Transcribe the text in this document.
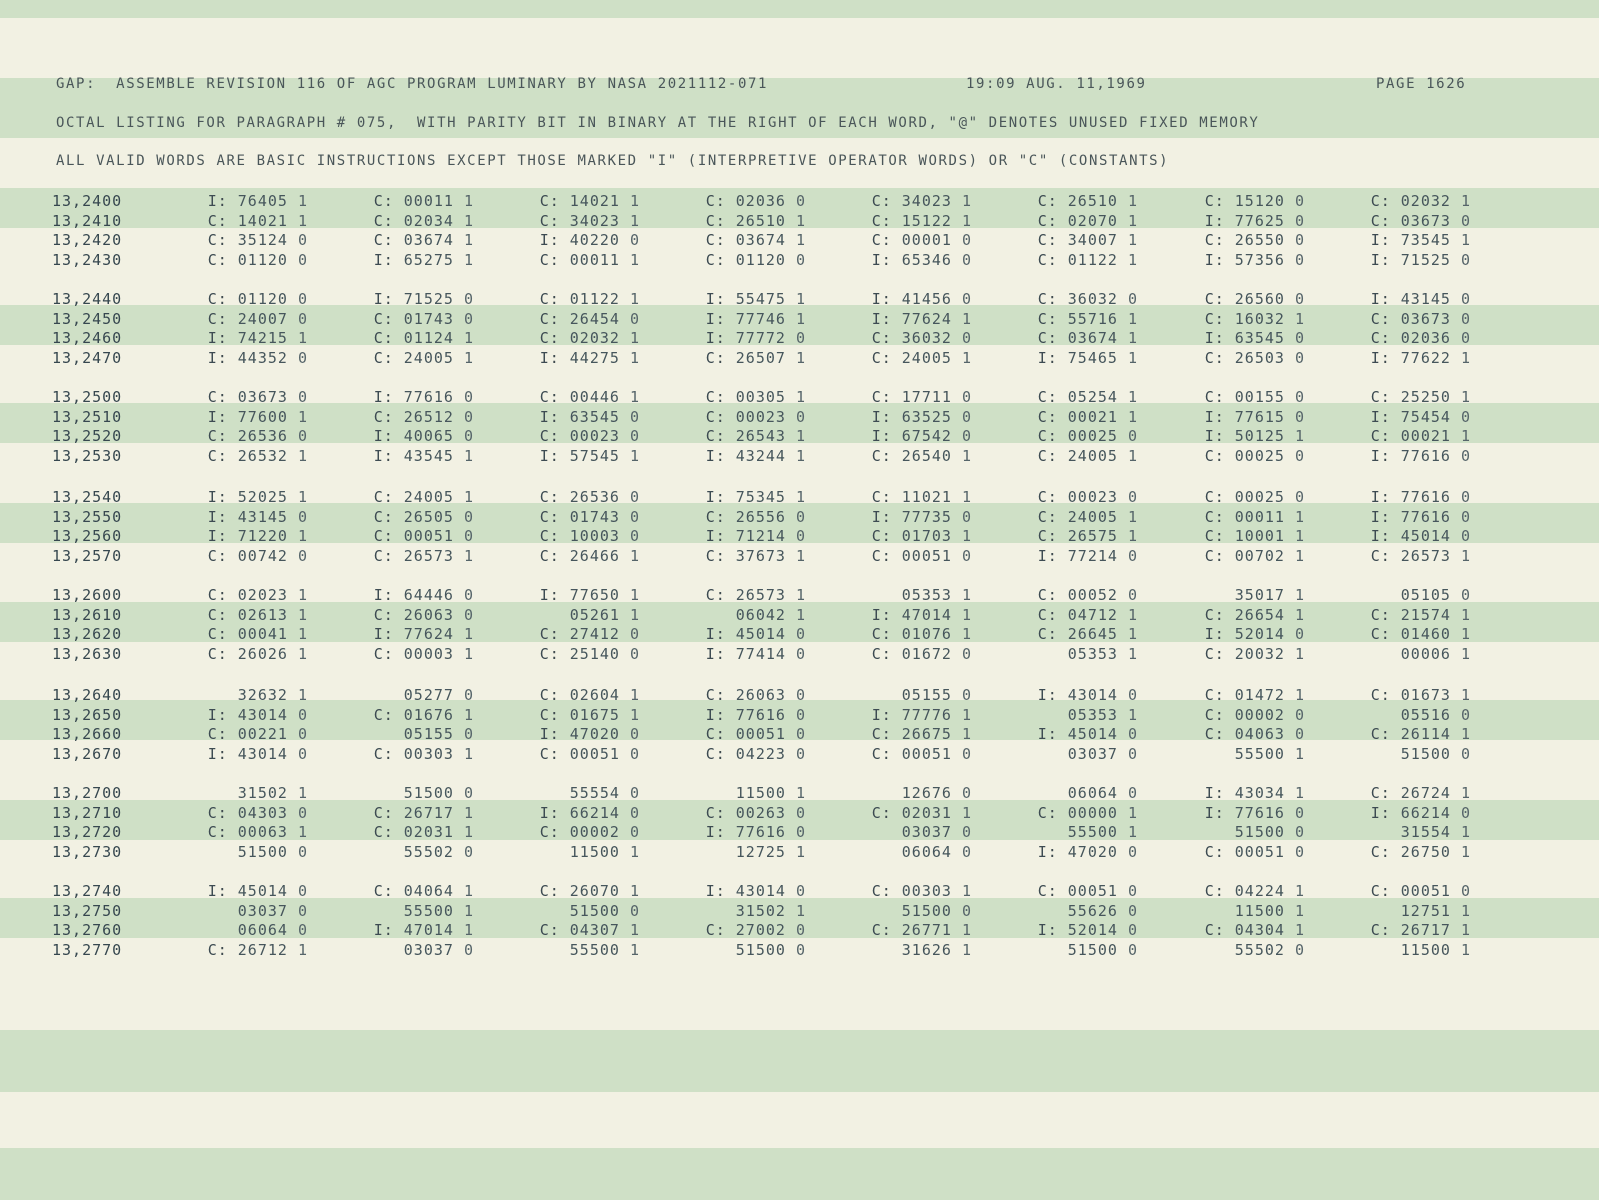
GAP:  ASSEMBLE REVISION 116 OF AGC PROGRAM LUMINARY BY NASA 2021112-071

	19:09 AUG. 11,1969

	PAGE 1626

OCTAL LISTING FOR PARAGRAPH # 075,  WITH PARITY BIT IN BINARY AT THE RIGHT OF EACH WORD, "@" DENOTES UNUSED FIXED MEMORY
ALL VALID WORDS ARE BASIC INSTRUCTIONS EXCEPT THOSE MARKED "I" (INTERPRETIVE OPERATOR WORDS) OR "C" (CONSTANTS)
13,2400	I: 76405 1	C: 00011 1	C: 14021 1	C: 02036 0	C: 34023 1	C: 26510 1	C: 15120 0	C: 02032 1
13,2410	C: 14021 1	C: 02034 1	C: 34023 1	C: 26510 1	C: 15122 1	C: 02070 1	I: 77625 0	C: 03673 0
13,2420	C: 35124 0	C: 03674 1	I: 40220 0	C: 03674 1	C: 00001 0	C: 34007 1	C: 26550 0	I: 73545 1
13,2430	C: 01120 0	I: 65275 1	C: 00011 1	C: 01120 0	I: 65346 0	C: 01122 1	I: 57356 0	I: 71525 0
13,2440	C: 01120 0	I: 71525 0	C: 01122 1	I: 55475 1	I: 41456 0	C: 36032 0	C: 26560 0	I: 43145 0
13,2450	C: 24007 0	C: 01743 0	C: 26454 0	I: 77746 1	I: 77624 1	C: 55716 1	C: 16032 1	C: 03673 0
13,2460	I: 74215 1	C: 01124 1	C: 02032 1	I: 77772 0	C: 36032 0	C: 03674 1	I: 63545 0	C: 02036 0
13,2470	I: 44352 0	C: 24005 1	I: 44275 1	C: 26507 1	C: 24005 1	I: 75465 1	C: 26503 0	I: 77622 1
13,2500	C: 03673 0	I: 77616 0	C: 00446 1	C: 00305 1	C: 17711 0	C: 05254 1	C: 00155 0	C: 25250 1
13,2510	I: 77600 1	C: 26512 0	I: 63545 0	C: 00023 0	I: 63525 0	C: 00021 1	I: 77615 0	I: 75454 0
13,2520	C: 26536 0	I: 40065 0	C: 00023 0	C: 26543 1	I: 67542 0	C: 00025 0	I: 50125 1	C: 00021 1
13,2530	C: 26532 1	I: 43545 1	I: 57545 1	I: 43244 1	C: 26540 1	C: 24005 1	C: 00025 0	I: 77616 0
13,2540	I: 52025 1	C: 24005 1	C: 26536 0	I: 75345 1	C: 11021 1	C: 00023 0	C: 00025 0	I: 77616 0
13,2550	I: 43145 0	C: 26505 0	C: 01743 0	C: 26556 0	I: 77735 0	C: 24005 1	C: 00011 1	I: 77616 0
13,2560	I: 71220 1	C: 00051 0	C: 10003 0	I: 71214 0	C: 01703 1	C: 26575 1	C: 10001 1	I: 45014 0
13,2570	C: 00742 0	C: 26573 1	C: 26466 1	C: 37673 1	C: 00051 0	I: 77214 0	C: 00702 1	C: 26573 1
13,2600	C: 02023 1	I: 64446 0	I: 77650 1	C: 26573 1	05353 1	C: 00052 0	35017 1	05105 0
13,2610	C: 02613 1	C: 26063 0	05261 1	06042 1	I: 47014 1	C: 04712 1	C: 26654 1	C: 21574 1
13,2620	C: 00041 1	I: 77624 1	C: 27412 0	I: 45014 0	C: 01076 1	C: 26645 1	I: 52014 0	C: 01460 1
13,2630	C: 26026 1	C: 00003 1	C: 25140 0	I: 77414 0	C: 01672 0	05353 1	C: 20032 1	00006 1
13,2640	32632 1	05277 0	C: 02604 1	C: 26063 0	05155 0	I: 43014 0	C: 01472 1	C: 01673 1
13,2650	I: 43014 0	C: 01676 1	C: 01675 1	I: 77616 0	I: 77776 1	05353 1	C: 00002 0	05516 0
13,2660	C: 00221 0	05155 0	I: 47020 0	C: 00051 0	C: 26675 1	I: 45014 0	C: 04063 0	C: 26114 1
13,2670	I: 43014 0	C: 00303 1	C: 00051 0	C: 04223 0	C: 00051 0	03037 0	55500 1	51500 0
13,2700	31502 1	51500 0	55554 0	11500 1	12676 0	06064 0	I: 43034 1	C: 26724 1
13,2710	C: 04303 0	C: 26717 1	I: 66214 0	C: 00263 0	C: 02031 1	C: 00000 1	I: 77616 0	I: 66214 0
13,2720	C: 00063 1	C: 02031 1	C: 00002 0	I: 77616 0	03037 0	55500 1	51500 0	31554 1
13,2730	51500 0	55502 0	11500 1	12725 1	06064 0	I: 47020 0	C: 00051 0	C: 26750 1
13,2740	I: 45014 0	C: 04064 1	C: 26070 1	I: 43014 0	C: 00303 1	C: 00051 0	C: 04224 1	C: 00051 0
13,2750	03037 0	55500 1	51500 0	31502 1	51500 0	55626 0	11500 1	12751 1
13,2760	06064 0	I: 47014 1	C: 04307 1	C: 27002 0	C: 26771 1	I: 52014 0	C: 04304 1	C: 26717 1
13,2770	C: 26712 1	03037 0	55500 1	51500 0	31626 1	51500 0	55502 0	11500 1
